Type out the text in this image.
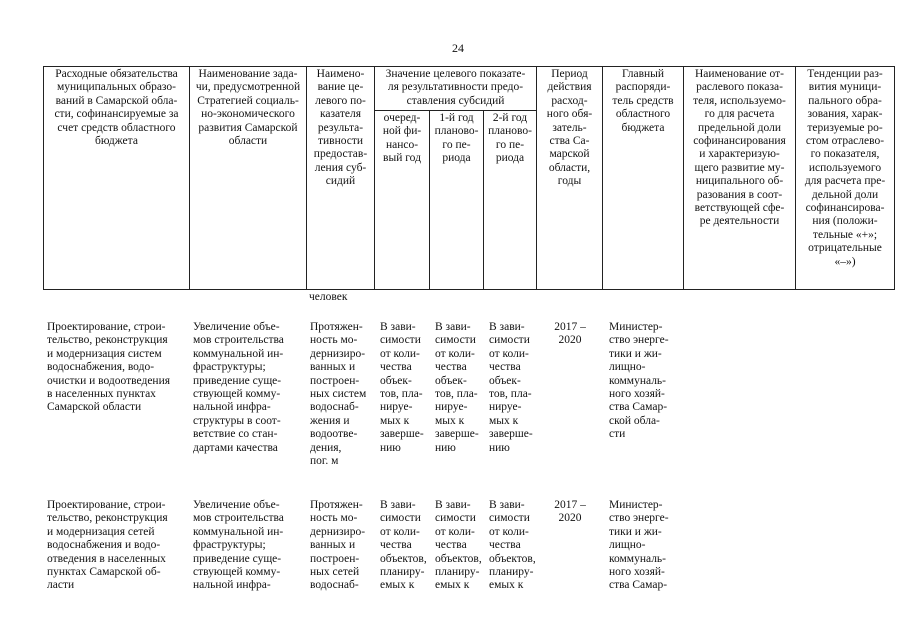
24
Расходные обязательства
муниципальных образо-
ваний в Самарской обла-
сти, софинансируемые за
счет средств областного
бюджета
Наименование зада-
чи, предусмотренной
Стратегией социаль-
но-экономического
развития Самарской
области
Наимено-
вание це-
левого по-
казателя
результа-
тивности
предостав-
ления суб-
сидий
Значение целевого показате-
ля результативности предо-
ставления субсидий
очеред-
ной фи-
нансо-
вый год
1-й год
планово-
го пе-
риода
2-й год
планово-
го пе-
риода
Период
действия
расход-
ного обя-
затель-
ства Са-
марской
области,
годы
Главный
распоряди-
тель средств
областного
бюджета
Наименование от-
раслевого показа-
теля, используемо-
го для расчета
предельной доли
софинансирования
и характеризую-
щего развитие му-
ниципального об-
разования в соот-
ветствующей сфе-
ре деятельности
Тенденции раз-
вития муници-
пального обра-
зования, харак-
теризуемые ро-
стом отраслево-
го показателя,
используемого
для расчета пре-
дельной доли
софинансирова-
ния (положи-
тельные «+»;
отрицательные
«–»)
человек
Проектирование, строи-
тельство, реконструкция
и модернизация систем
водоснабжения, водо-
очистки и водоотведения
в населенных пунктах
Самарской области
Увеличение объе-
мов строительства
коммунальной ин-
фраструктуры;
приведение суще-
ствующей комму-
нальной инфра-
структуры в соот-
ветствие со стан-
дартами качества
Протяжен-
ность мо-
дернизиро-
ванных и
построен-
ных систем
водоснаб-
жения и
водоотве-
дения,
пог. м
В зави-
симости
от коли-
чества
объек-
тов, пла-
нируе-
мых к
заверше-
нию
В зави-
симости
от коли-
чества
объек-
тов, пла-
нируе-
мых к
заверше-
нию
В зави-
симости
от коли-
чества
объек-
тов, пла-
нируе-
мых к
заверше-
нию
2017 –
2020
Министер-
ство энерге-
тики и жи-
лищно-
коммуналь-
ного хозяй-
ства Самар-
ской обла-
сти
Проектирование, строи-
тельство, реконструкция
и модернизация сетей
водоснабжения и водо-
отведения в населенных
пунктах Самарской об-
ласти
Увеличение объе-
мов строительства
коммунальной ин-
фраструктуры;
приведение суще-
ствующей комму-
нальной инфра-
Протяжен-
ность мо-
дернизиро-
ванных и
построен-
ных сетей
водоснаб-
В зави-
симости
от коли-
чества
объектов,
планиру-
емых к
В зави-
симости
от коли-
чества
объектов,
планиру-
емых к
В зави-
симости
от коли-
чества
объектов,
планиру-
емых к
2017 –
2020
Министер-
ство энерге-
тики и жи-
лищно-
коммуналь-
ного хозяй-
ства Самар-
